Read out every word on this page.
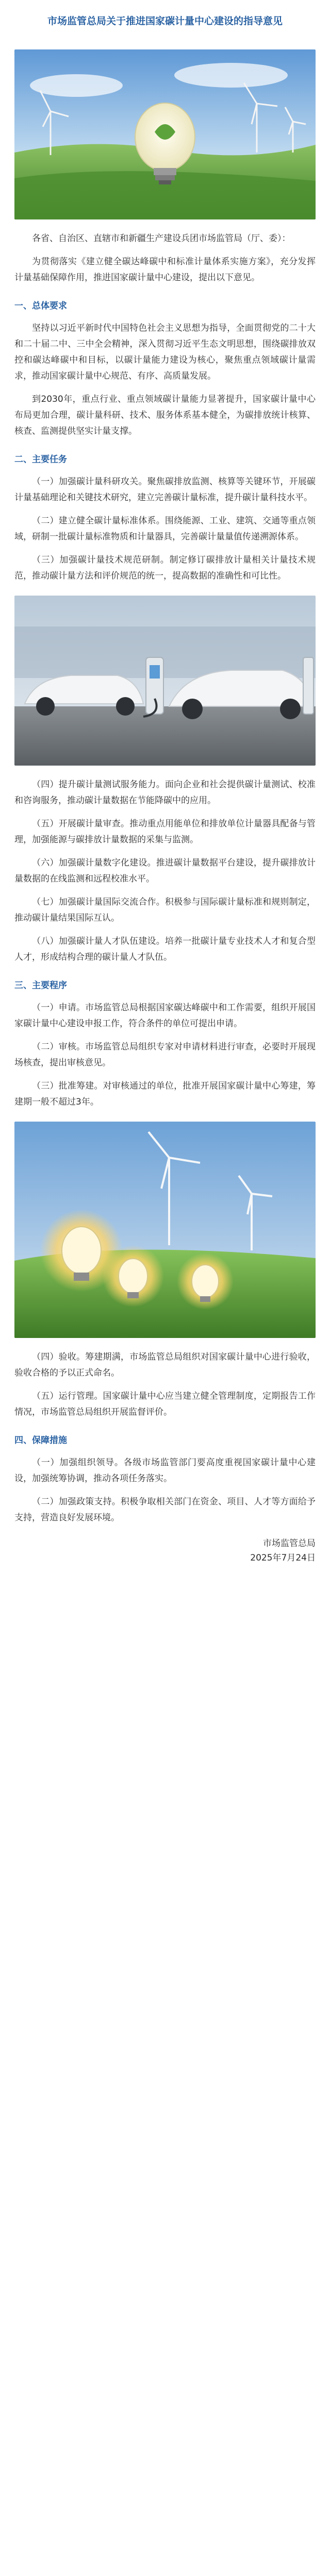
市场监管总局关于推进国家碳计量中心建设的指导意见
各省、自治区、直辖市和新疆生产建设兵团市场监管局（厅、委）：
为贯彻落实《建立健全碳达峰碳中和标准计量体系实施方案》，充分发挥计量基础保障作用，推进国家碳计量中心建设，提出以下意见。
一、总体要求
坚持以习近平新时代中国特色社会主义思想为指导，全面贯彻党的二十大和二十届二中、三中全会精神，深入贯彻习近平生态文明思想，围绕碳排放双控和碳达峰碳中和目标，以碳计量能力建设为核心，聚焦重点领域碳计量需求，推动国家碳计量中心规范、有序、高质量发展。
到2030年，重点行业、重点领域碳计量能力显著提升，国家碳计量中心布局更加合理，碳计量科研、技术、服务体系基本健全，为碳排放统计核算、核查、监测提供坚实计量支撑。
二、主要任务
（一）加强碳计量科研攻关。聚焦碳排放监测、核算等关键环节，开展碳计量基础理论和关键技术研究，建立完善碳计量标准，提升碳计量科技水平。
（二）建立健全碳计量标准体系。围绕能源、工业、建筑、交通等重点领域，研制一批碳计量标准物质和计量器具，完善碳计量量值传递溯源体系。
（三）加强碳计量技术规范研制。制定修订碳排放计量相关计量技术规范，推动碳计量方法和评价规范的统一，提高数据的准确性和可比性。
（四）提升碳计量测试服务能力。面向企业和社会提供碳计量测试、校准和咨询服务，推动碳计量数据在节能降碳中的应用。
（五）开展碳计量审查。推动重点用能单位和排放单位计量器具配备与管理，加强能源与碳排放计量数据的采集与监测。
（六）加强碳计量数字化建设。推进碳计量数据平台建设，提升碳排放计量数据的在线监测和远程校准水平。
（七）加强碳计量国际交流合作。积极参与国际碳计量标准和规则制定，推动碳计量结果国际互认。
（八）加强碳计量人才队伍建设。培养一批碳计量专业技术人才和复合型人才，形成结构合理的碳计量人才队伍。
三、主要程序
（一）申请。市场监管总局根据国家碳达峰碳中和工作需要，组织开展国家碳计量中心建设申报工作，符合条件的单位可提出申请。
（二）审核。市场监管总局组织专家对申请材料进行审查，必要时开展现场核查，提出审核意见。
（三）批准筹建。对审核通过的单位，批准开展国家碳计量中心筹建，筹建期一般不超过3年。
（四）验收。筹建期满，市场监管总局组织对国家碳计量中心进行验收，验收合格的予以正式命名。
（五）运行管理。国家碳计量中心应当建立健全管理制度，定期报告工作情况，市场监管总局组织开展监督评价。
四、保障措施
（一）加强组织领导。各级市场监管部门要高度重视国家碳计量中心建设，加强统筹协调，推动各项任务落实。
（二）加强政策支持。积极争取相关部门在资金、项目、人才等方面给予支持，营造良好发展环境。
市场监管总局
2025年7月24日
